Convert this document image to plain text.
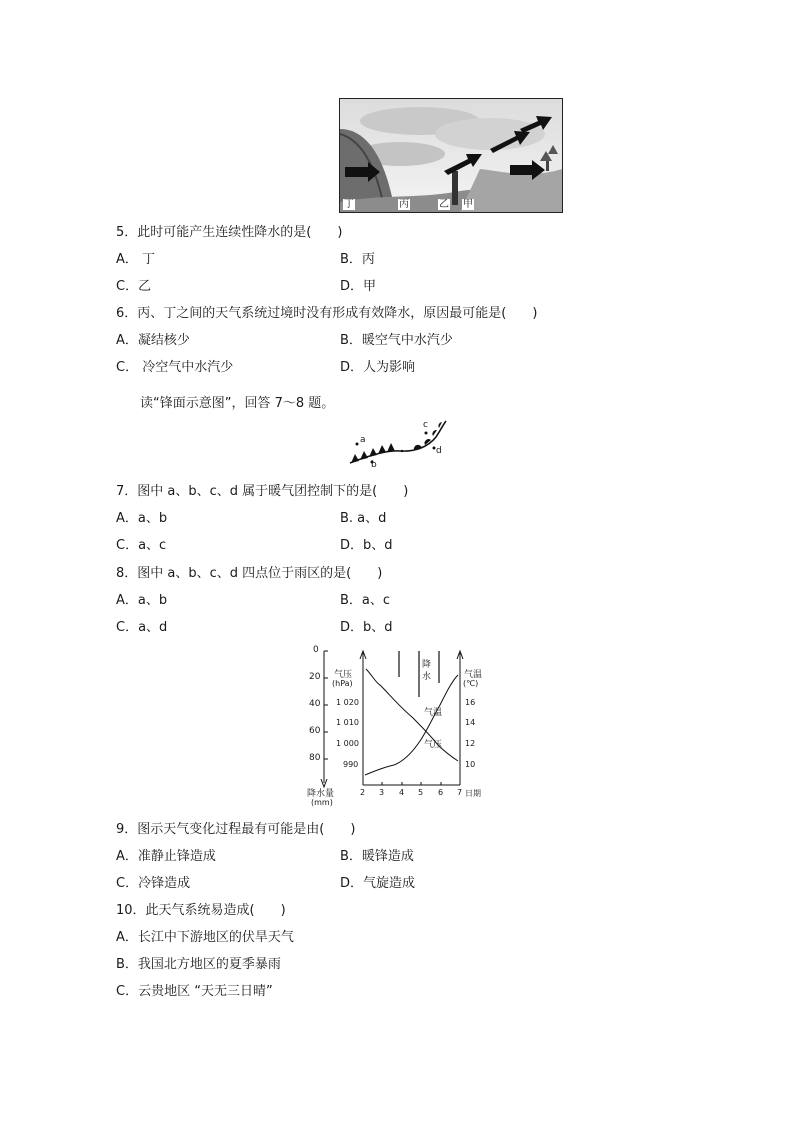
丁	丙	乙 甲
5．此时可能产生连续性降水的是(　　)
A． 丁	B．丙
C．乙	D．甲
6．丙、丁之间的天气系统过境时没有形成有效降水，原因最可能是(　　)
A．凝结核少	B．暖空气中水汽少
C． 冷空气中水汽少	D．人为影响
读“锋面示意图”，回答 7～8 题。
a
b
c
d
7．图中 a、b、c、d 属于暖气团控制下的是(　　)
A．a、b	B. a、d
C．a、c	D．b、d
8．图中 a、b、c、d 四点位于雨区的是(　　)
A．a、b	B．a、c
C．a、d	D．b、d
0
20
40
60
80
降水量
(mm)
气压
(hPa)
1 020
1 010
1 000
990
气温
(℃)
16
14
12
10
2 3 4 5 6 7 日期
降
水
气温
气压
9．图示天气变化过程最有可能是由(　　)
A．准静止锋造成	B．暖锋造成
C．冷锋造成	D．气旋造成
10．此天气系统易造成(　　)
A．长江中下游地区的伏旱天气
B．我国北方地区的夏季暴雨
C．云贵地区 “天无三日晴”
